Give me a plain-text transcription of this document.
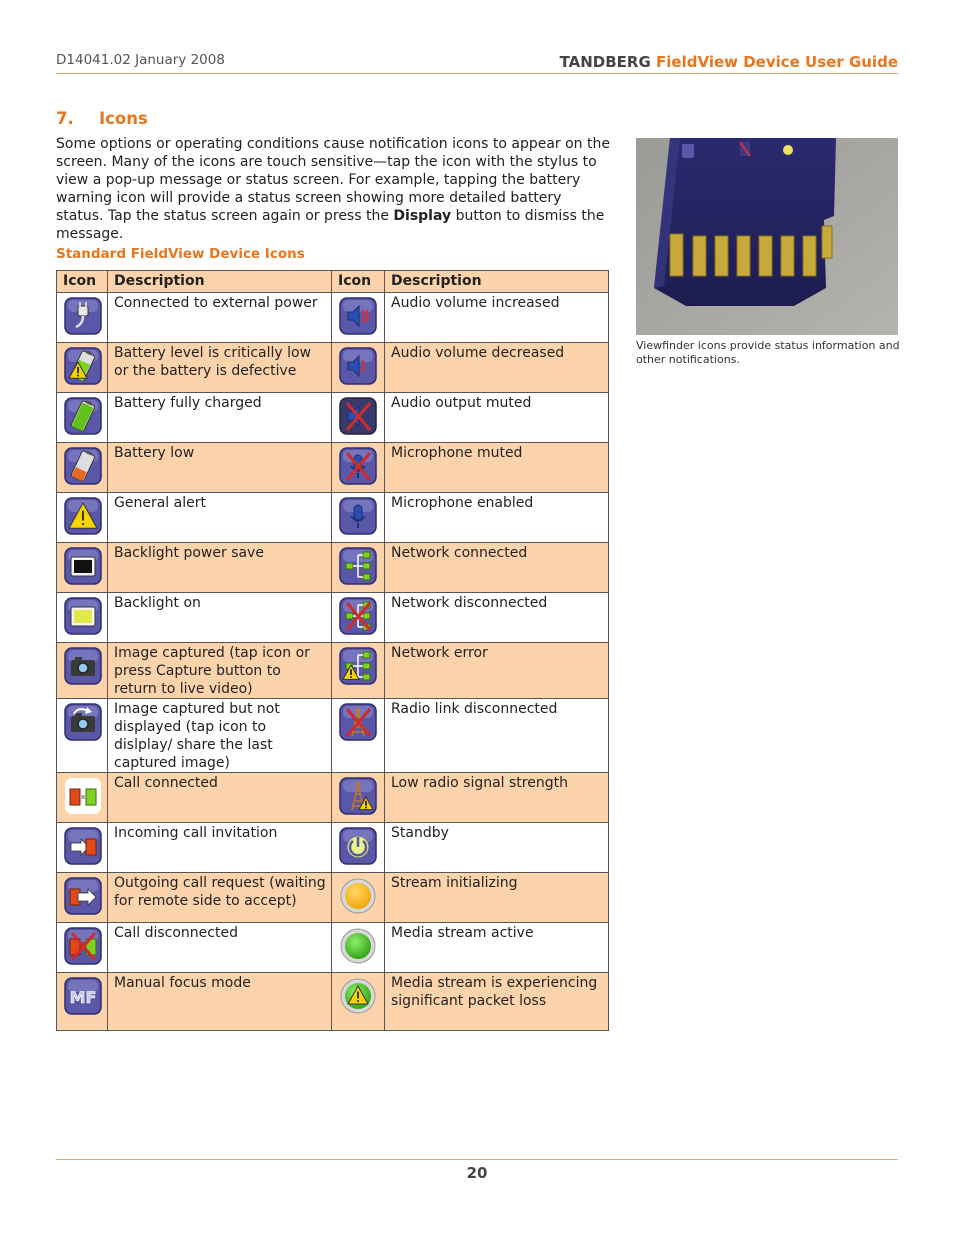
D14041.02 January 2008	TANDBERG FieldView Device User Guide
7. Icons

Some options or operating conditions cause notification icons to appear on the screen. Many of the icons are touch sensitive—tap the icon with the stylus to view a pop-up message or status screen. For example, tapping the battery warning icon will provide a status screen showing more detailed battery status. Tap the status screen again or press the Display button to dismiss the message.

Standard FieldView Device Icons
Icon	Description	Icon	Description

	Connected to external power		Audio volume increased

	Battery level is critically low or the battery is defective		Audio volume decreased

	Battery fully charged		Audio output muted

	Battery low		Microphone muted

	General alert		Microphone enabled

	Backlight power save		Network connected

	Backlight on		Network disconnected

	Image captured (tap icon or press Capture button to return to live video)		Network error

	Image captured but not displayed (tap icon to dislplay/ share the last captured image)		Radio link disconnected

	Call connected		Low radio signal strength

	Incoming call invitation		Standby

	Outgoing call request (waiting for remote side to accept)		Stream initializing

	Call disconnected		Media stream active

MF	Manual focus mode		Media stream is experiencing significant packet loss
Viewfinder icons provide status information and other notifications.
20
